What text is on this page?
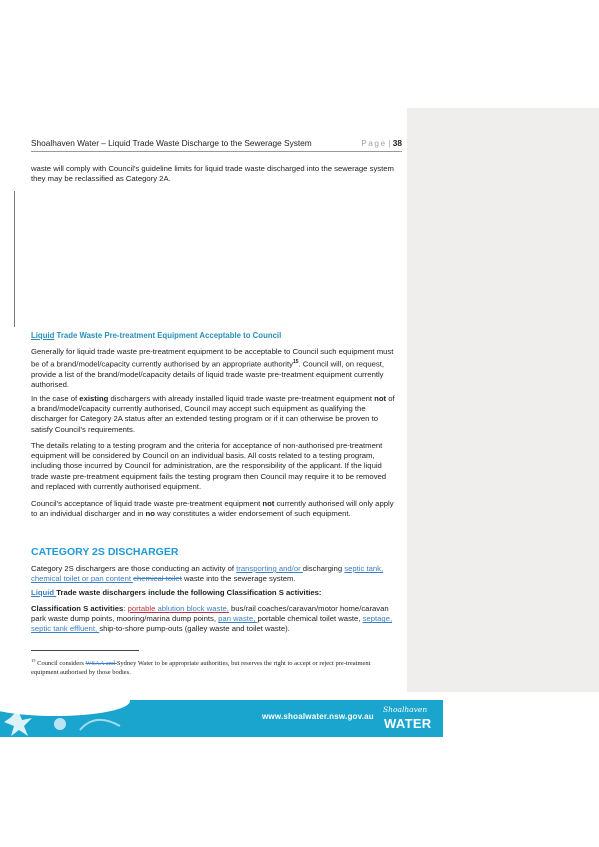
Shoalhaven Water – Liquid Trade Waste Discharge to the Sewerage System	Page | 38

waste will comply with Council's guideline limits for liquid trade waste discharged into the sewerage system they may be reclassified as Category 2A.

Liquid Trade Waste Pre-treatment Equipment Acceptable to Council

Generally for liquid trade waste pre-treatment equipment to be acceptable to Council such equipment must be of a brand/model/capacity currently authorised by an appropriate authority$^{15}$. Council will, on request, provide a list of the brand/model/capacity details of liquid trade waste pre-treatment equipment currently authorised.

In the case of existing dischargers with already installed liquid trade waste pre-treatment equipment not of a brand/model/capacity currently authorised, Council may accept such equipment as qualifying the discharger for Category 2A status after an extended testing program or if it can otherwise be proven to satisfy Council's requirements.

The details relating to a testing program and the criteria for acceptance of non-authorised pre-treatment equipment will be considered by Council on an individual basis. All costs related to a testing program, including those incurred by Council for administration, are the responsibility of the applicant. If the liquid trade waste pre-treatment equipment fails the testing program then Council may require it to be removed and replaced with currently authorised equipment.

Council's acceptance of liquid trade waste pre-treatment equipment not currently authorised will only apply to an individual discharger and in no way constitutes a wider endorsement of such equipment.

CATEGORY 2S DISCHARGER

Category 2S dischargers are those conducting an activity of transporting and/or discharging septic tank, chemical toilet or pan content chemical toilet waste into the sewerage system.

Liquid Trade waste dischargers include the following Classification S activities:

Classification S activities: portable ablution block waste, bus/rail coaches/caravan/motor home/caravan park waste dump points, mooring/marina dump points, pan waste, portable chemical toilet waste, septage, septic tank effluent, ship-to-shore pump-outs (galley waste and toilet waste).

$^{15}$ Council considers WSAA and Sydney Water to be appropriate authorities, but reserves the right to accept or reject pre-treatment equipment authorised by those bodies.
www.shoalwater.nsw.gov.au
Shoalhaven
WATER
